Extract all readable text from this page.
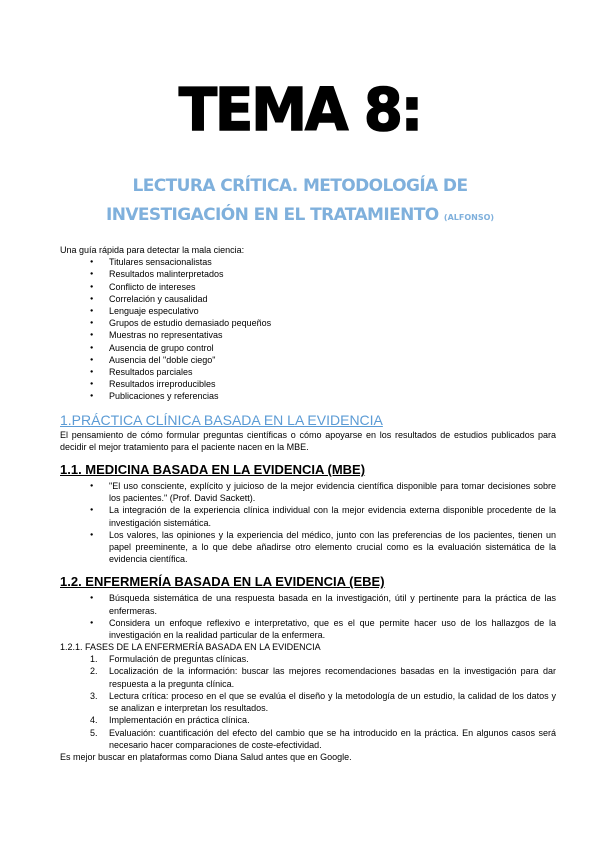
TEMA 8:
LECTURA CRÍTICA. METODOLOGÍA DE
INVESTIGACIÓN EN EL TRATAMIENTO (ALFONSO)

Una guía rápida para detectar la mala ciencia:

● Titulares sensacionalistas
● Resultados malinterpretados
● Conflicto de intereses
● Correlación y causalidad
● Lenguaje especulativo
● Grupos de estudio demasiado pequeños
● Muestras no representativas
● Ausencia de grupo control
● Ausencia del "doble ciego"
● Resultados parciales
● Resultados irreproducibles
● Publicaciones y referencias
1.PRÁCTICA CLÍNICA BASADA EN LA EVIDENCIA

El pensamiento de cómo formular preguntas científicas o cómo apoyarse en los resultados de estudios publicados para decidir el mejor tratamiento para el paciente nacen en la MBE.

1.1. MEDICINA BASADA EN LA EVIDENCIA (MBE)
● "El uso consciente, explícito y juicioso de la mejor evidencia científica disponible para tomar decisiones sobre los pacientes." (Prof. David Sackett).
● La integración de la experiencia clínica individual con la mejor evidencia externa disponible procedente de la investigación sistemática.
● Los valores, las opiniones y la experiencia del médico, junto con las preferencias de los pacientes, tienen un papel preeminente, a lo que debe añadirse otro elemento crucial como es la evaluación sistemática de la evidencia científica.
1.2. ENFERMERÍA BASADA EN LA EVIDENCIA (EBE)
● Búsqueda sistemática de una respuesta basada en la investigación, útil y pertinente para la práctica de las enfermeras.
● Considera un enfoque reflexivo e interpretativo, que es el que permite hacer uso de los hallazgos de la investigación en la realidad particular de la enfermera.
1.2.1. FASES DE LA ENFERMERÍA BASADA EN LA EVIDENCIA
1. Formulación de preguntas clínicas.
2. Localización de la información: buscar las mejores recomendaciones basadas en la investigación para dar respuesta a la pregunta clínica.
3. Lectura crítica: proceso en el que se evalúa el diseño y la metodología de un estudio, la calidad de los datos y se analizan e interpretan los resultados.
4. Implementación en práctica clínica.
5. Evaluación: cuantificación del efecto del cambio que se ha introducido en la práctica. En algunos casos será necesario hacer comparaciones de coste-efectividad.

Es mejor buscar en plataformas como Diana Salud antes que en Google.
